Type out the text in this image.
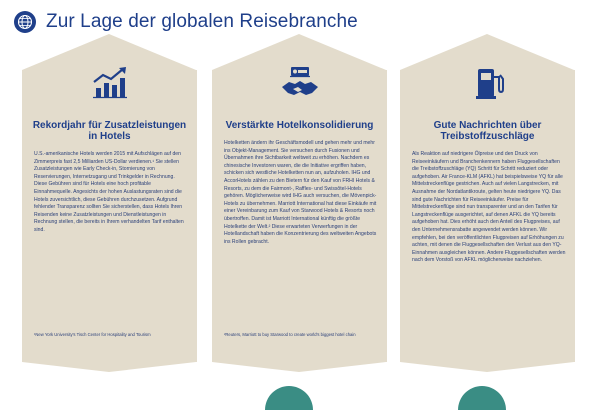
Zur Lage der globalen Reisebranche
Rekordjahr für Zusatzleistungen in Hotels
U.S.-amerikanische Hotels werden 2015 mit Aufschlägen auf den Zimmerpreis fast 2,5 Milliarden US-Dollar verdienen.¹ Sie stellen Zusatzleistungen wie Early Check-in, Stornierung von Reservierungen, Internetzugang und Trinkgelder in Rechnung. Diese Gebühren sind für Hotels eine hoch profitable Einnahmequelle. Angesichts der hohen Auslastungsraten sind die Hotels zuversichtlich, diese Gebühren durchzusetzen. Aufgrund fehlender Transparenz sollten Sie sicherstellen, dass Hotels Ihren Reisenden keine Zusatzleistungen und Dienstleistungen in Rechnung stellen, die bereits in Ihrem verhandelten Tarif enthalten sind.
¹New York University's Tisch Center for Hospitality and Tourism
Verstärkte Hotelkonsolidierung
Hotelketten ändern ihr Geschäftsmodell und gehen mehr und mehr ins Objekt-Management. Sie versuchen durch Fusionen und Übernahmen ihre Sichtbarkeit weltweit zu erhöhen. Nachdem es chinesische Investoren waren, die die Initiative ergriffen haben, schicken sich westliche Hotelketten nun an, aufzuholen. IHG und AccorHotels zählen zu den Bietern für den Kauf von FRHI Hotels & Resorts, zu dem die Fairmont-, Raffles- und Swissôtel-Hotels gehören. Möglicherweise wird IHG auch versuchen, die Mövenpick-Hotels zu übernehmen. Marriott International hat diese Einkäufe mit einer Vereinbarung zum Kauf von Starwood Hotels & Resorts noch übertroffen. Damit ist Marriott International künftig die größte Hotelkette der Welt.² Diese erwarteten Verwerfungen in der Hotellandschaft haben die Konzentrierung des weltweiten Angebots ins Rollen gebracht.
²Reuters, Marriott to buy Starwood to create world's biggest hotel chain
Gute Nachrichten über Treibstoffzuschläge
Als Reaktion auf niedrigere Ölpreise und den Druck von Reiseeinkäufern und Branchenkennern haben Fluggesellschaften die Treibstoffzuschläge (YQ) Schritt für Schritt reduziert oder aufgehoben. Air France-KLM (AFKL) hat beispielsweise YQ für alle Mittelstreckenflüge gestrichen. Auch auf vielen Langstrecken, mit Ausnahme der Nordatlantikroute, gelten heute niedrigere YQ. Das sind gute Nachrichten für Reiseeinkäufer. Preise für Mittelstreckenflüge sind nun transparenter und an den Tarifen für Langstreckenflüge ausgerichtet, auf denen AFKL die YQ bereits aufgehoben hat. Dies erhöht auch den Anteil des Flugpreises, auf den Unternehmensrabatte angewendet werden können. Wir empfehlen, bei den veröffentlichten Flugpreisen auf Erhöhungen zu achten, mit denen die Fluggesellschaften den Verlust aus den YQ-Einnahmen ausgleichen können. Andere Fluggesellschaften werden nach dem Vorstoß von AFKL möglicherweise nachziehen.
